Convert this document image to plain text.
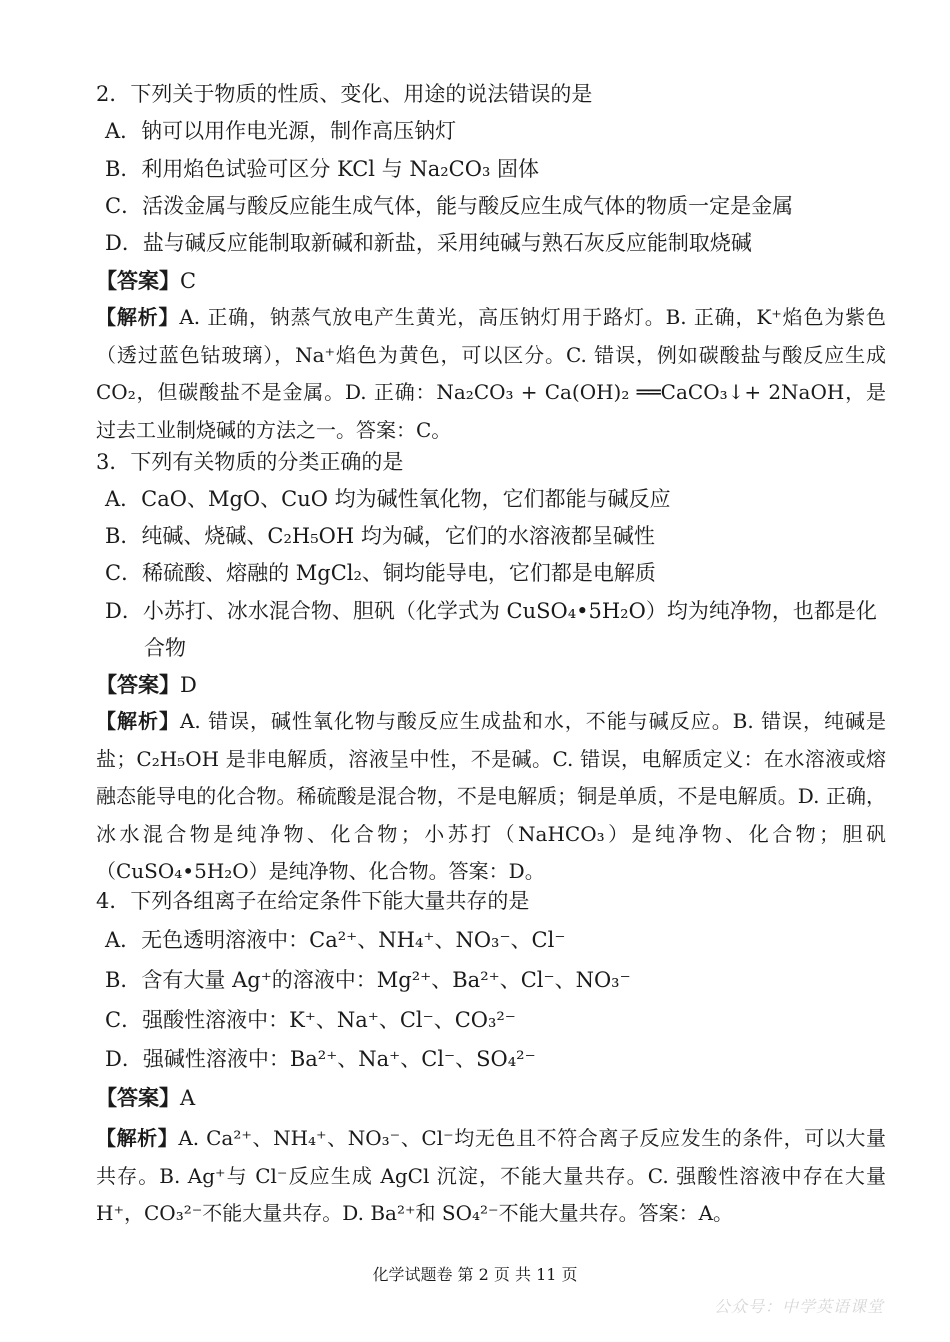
2．下列关于物质的性质、变化、用途的说法错误的是
A．钠可以用作电光源，制作高压钠灯
B．利用焰色试验可区分 KCl 与 Na₂CO₃ 固体
C．活泼金属与酸反应能生成气体，能与酸反应生成气体的物质一定是金属
D．盐与碱反应能制取新碱和新盐，采用纯碱与熟石灰反应能制取烧碱
【答案】C
【解析】A. 正确，钠蒸气放电产生黄光，高压钠灯用于路灯。B. 正确，K⁺焰色为紫色（透过蓝色钴玻璃），Na⁺焰色为黄色，可以区分。C. 错误，例如碳酸盐与酸反应生成 CO₂，但碳酸盐不是金属。D. 正确：Na₂CO₃ + Ca(OH)₂ ══CaCO₃↓+ 2NaOH，是过去工业制烧碱的方法之一。答案：C。
3．下列有关物质的分类正确的是
A．CaO、MgO、CuO 均为碱性氧化物，它们都能与碱反应
B．纯碱、烧碱、C₂H₅OH 均为碱，它们的水溶液都呈碱性
C．稀硫酸、熔融的 MgCl₂、铜均能导电，它们都是电解质
D．小苏打、冰水混合物、胆矾（化学式为 CuSO₄•5H₂O）均为纯净物，也都是化
合物
【答案】D
【解析】A. 错误，碱性氧化物与酸反应生成盐和水，不能与碱反应。B. 错误，纯碱是盐；C₂H₅OH 是非电解质，溶液呈中性，不是碱。C. 错误，电解质定义：在水溶液或熔融态能导电的化合物。稀硫酸是混合物，不是电解质；铜是单质，不是电解质。D. 正确，冰水混合物是纯净物、化合物；小苏打（NaHCO₃）是纯净物、化合物；胆矾（CuSO₄•5H₂O）是纯净物、化合物。答案：D。
4．下列各组离子在给定条件下能大量共存的是
A．无色透明溶液中：Ca²⁺、NH₄⁺、NO₃⁻、Cl⁻
B．含有大量 Ag⁺的溶液中：Mg²⁺、Ba²⁺、Cl⁻、NO₃⁻
C．强酸性溶液中：K⁺、Na⁺、Cl⁻、CO₃²⁻
D．强碱性溶液中：Ba²⁺、Na⁺、Cl⁻、SO₄²⁻
【答案】A
【解析】A. Ca²⁺、NH₄⁺、NO₃⁻、Cl⁻均无色且不符合离子反应发生的条件，可以大量共存。B. Ag⁺与 Cl⁻反应生成 AgCl 沉淀，不能大量共存。C. 强酸性溶液中存在大量 H⁺，CO₃²⁻不能大量共存。D. Ba²⁺和 SO₄²⁻不能大量共存。答案：A。
化学试题卷 第 2 页 共 11 页
公众号：中学英语课堂
